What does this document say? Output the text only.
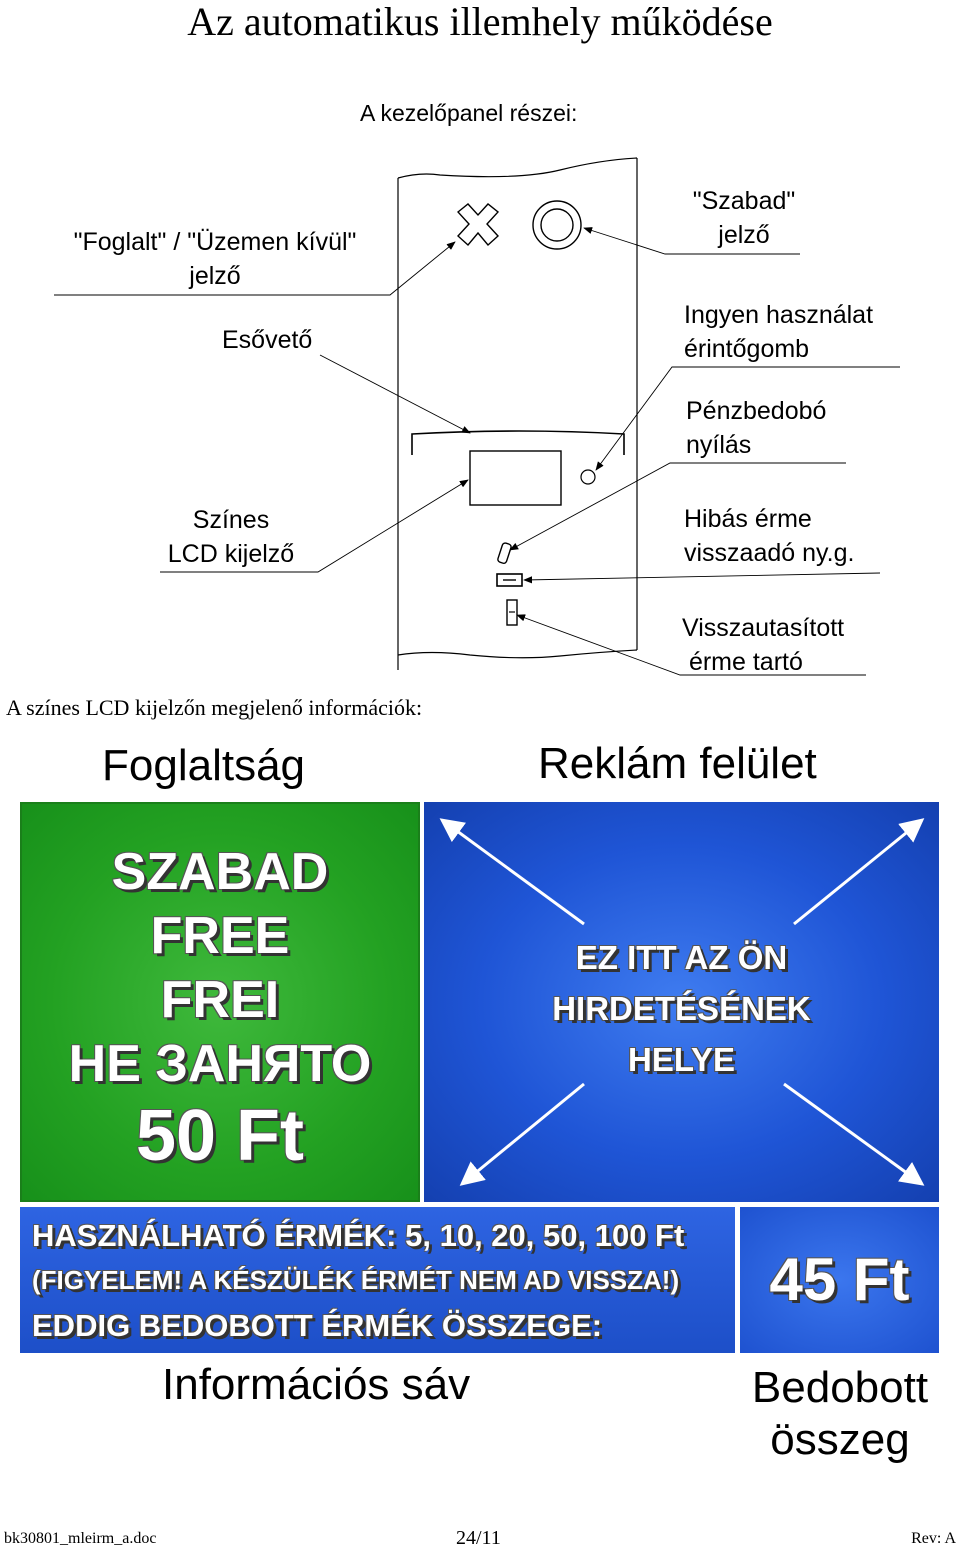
Az automatikus illemhely működése
A kezelőpanel részei:
"Foglalt" / "Üzemen kívül"
jelző
Esővető
Színes
LCD kijelző
"Szabad"
jelző
Ingyen használat
érintőgomb
Pénzbedobó
nyílás
Hibás érme
visszaadó ny.g.
Visszautasított
érme tartó
A színes LCD kijelzőn megjelenő információk:
Foglaltság	Reklám felület
SZABAD
FREE
FREI
НЕ ЗАНЯТО
50 Ft
EZ ITT AZ ÖN
HIRDETÉSÉNEK
HELYE
HASZNÁLHATÓ ÉRMÉK: 5, 10, 20, 50, 100 Ft
(FIGYELEM! A KÉSZÜLÉK ÉRMÉT NEM AD VISSZA!)
EDDIG BEDOBOTT ÉRMÉK ÖSSZEGE:
45 Ft
Információs sáv	Bedobott
összeg
bk30801_mleirm_a.doc	24/11	Rev: A
